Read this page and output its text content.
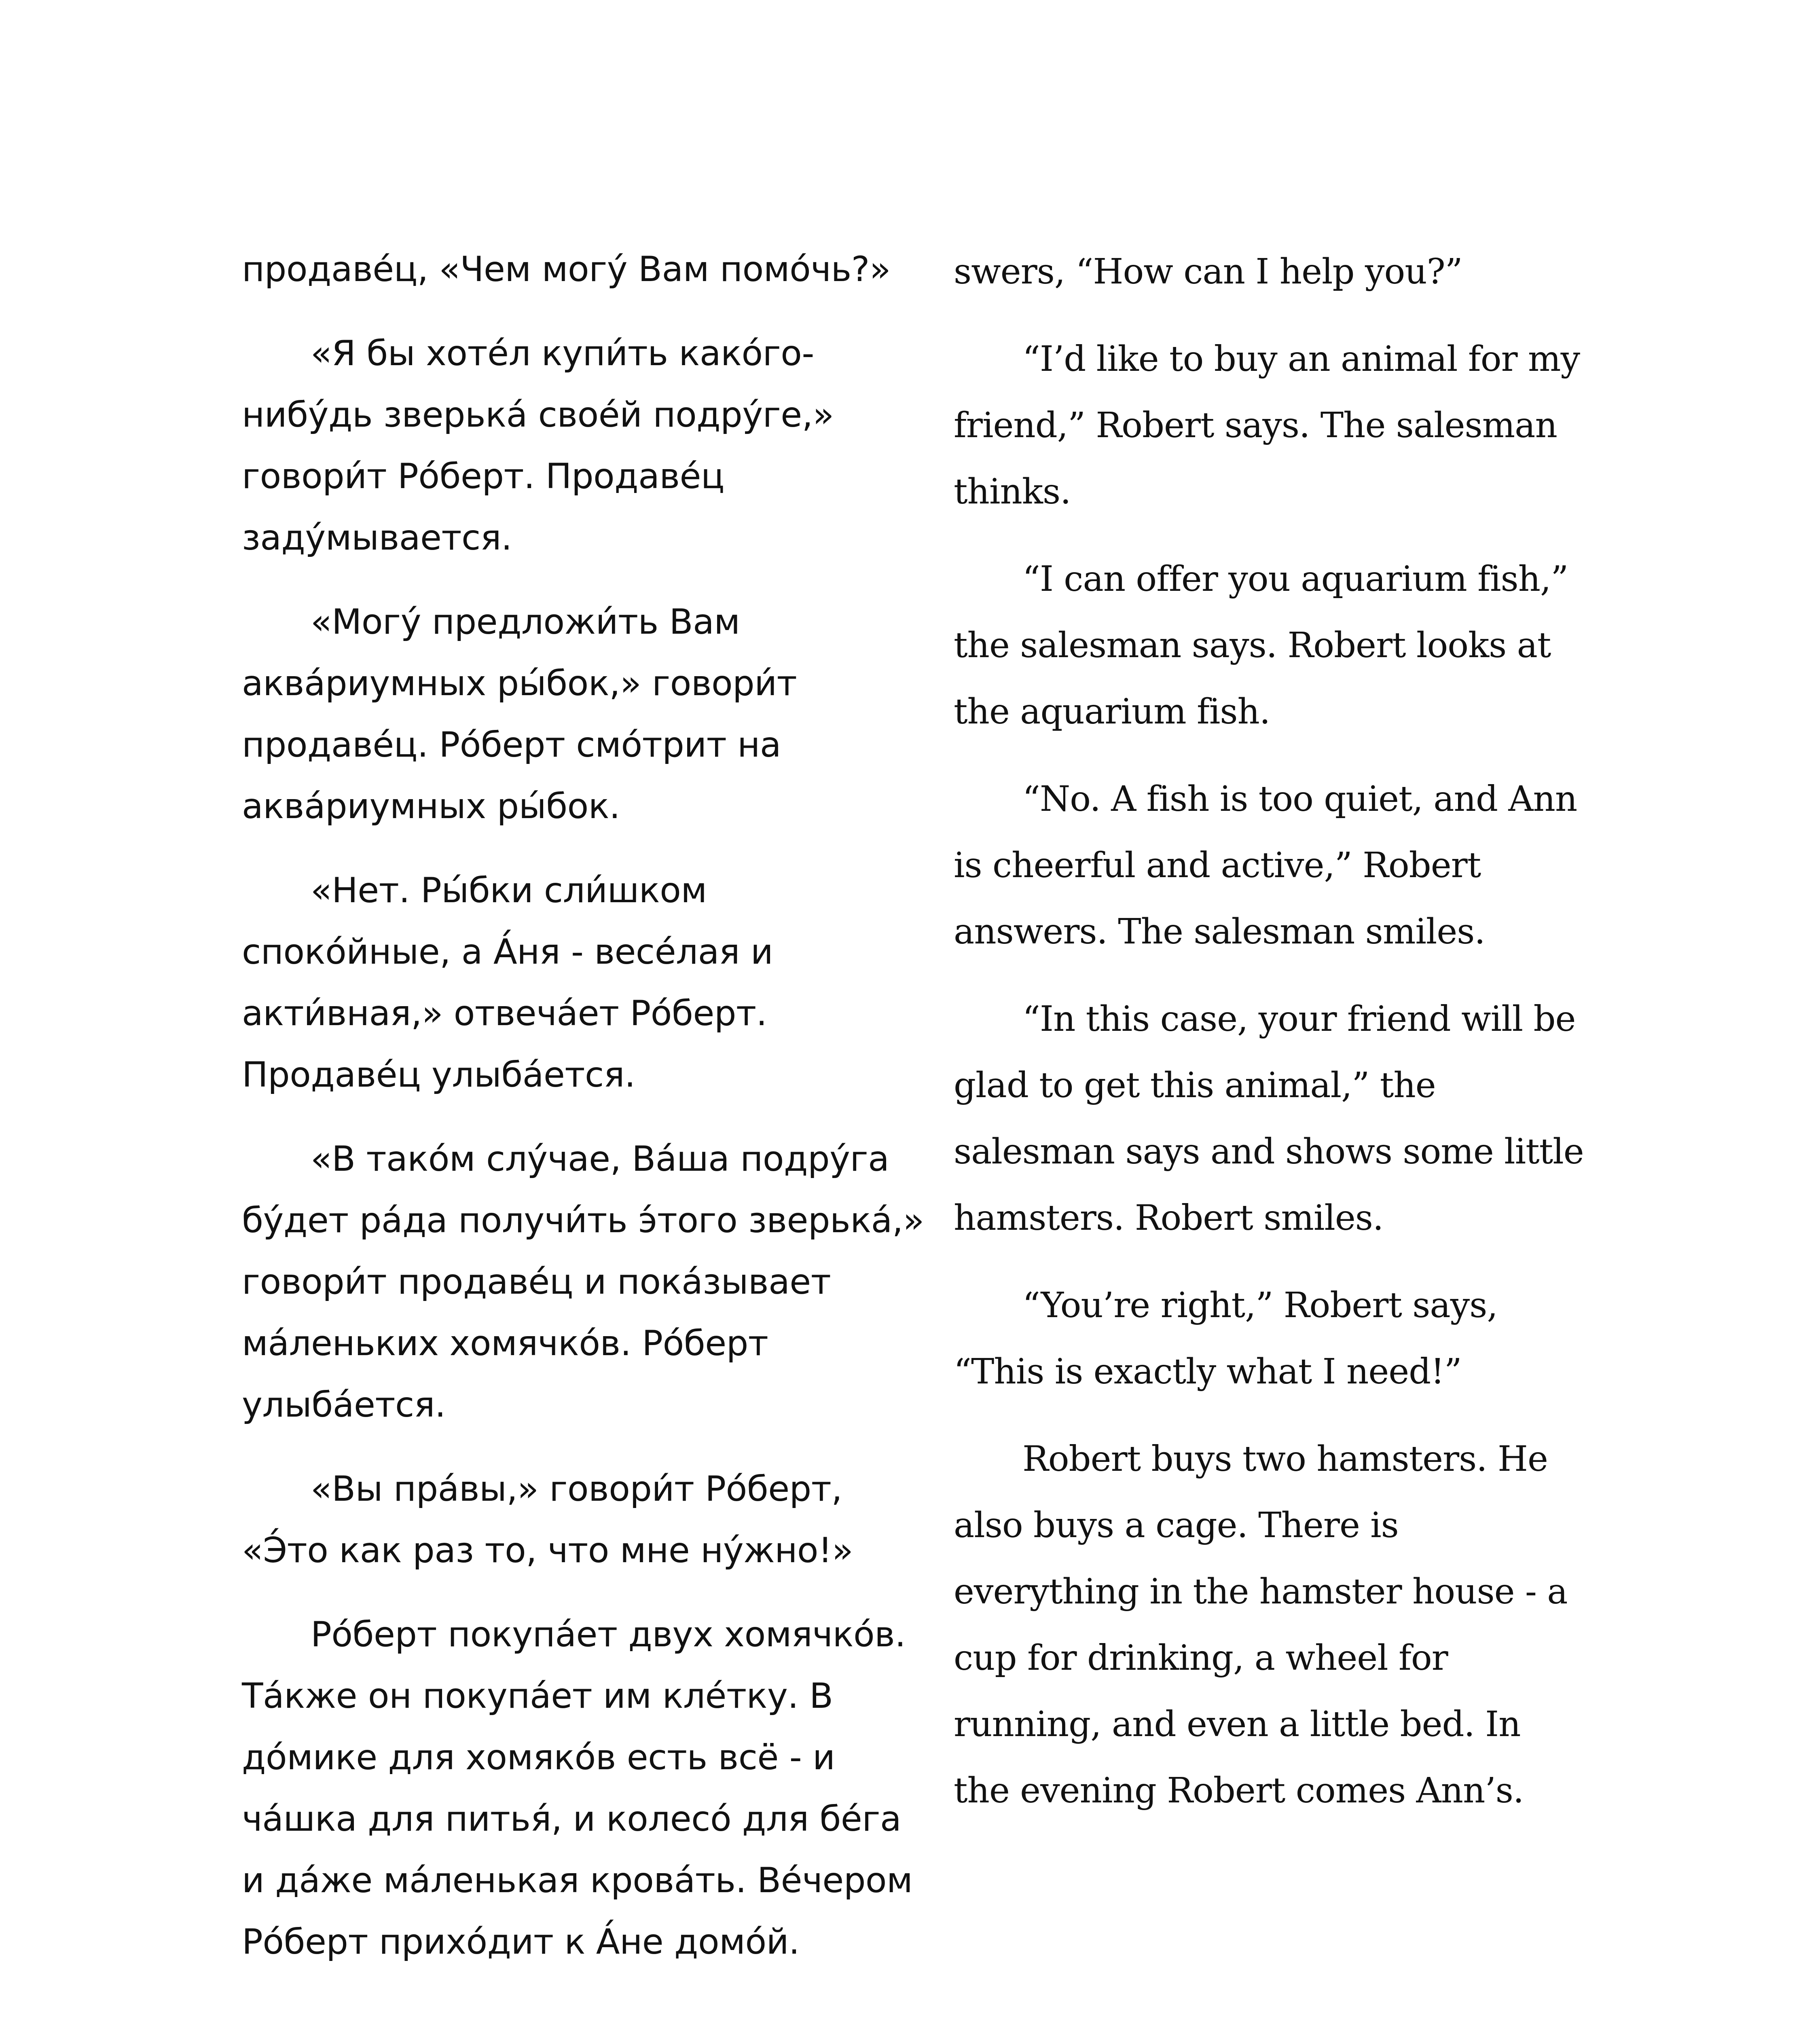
продаве́ц, «Чем могу́ Вам помо́чь?»

«Я бы хоте́л купи́ть како́го-нибу́дь зверька́ свое́й подру́ге,» говори́т Ро́берт. Продаве́ц заду́мывается.

«Могу́ предложи́ть Вам аква́риумных ры́бок,» говори́т продаве́ц. Ро́берт смо́трит на аква́риумных ры́бок.

«Нет. Ры́бки сли́шком споко́йные, а А́ня - весе́лая и акти́вная,» отвеча́ет Ро́берт. Продаве́ц улыба́ется.

«В тако́м слу́чае, Ва́ша подру́га бу́дет ра́да получи́ть э́того зверька́,» говори́т продаве́ц и пока́зывает ма́леньких хомячко́в. Ро́берт улыба́ется.

«Вы пра́вы,» говори́т Ро́берт, «Э́то как раз то, что мне ну́жно!»

Ро́берт покупа́ет двух хомячко́в. Та́кже он покупа́ет им кле́тку. В до́мике для хомяко́в есть всё - и ча́шка для питья́, и колесо́ для бе́га и да́же ма́ленькая крова́ть. Ве́чером Ро́берт прихо́дит к А́не домо́й.

swers, “How can I help you?”

“I’d like to buy an animal for my friend,” Robert says. The salesman thinks.

“I can offer you aquarium fish,” the salesman says. Robert looks at the aquarium fish.

“No. A fish is too quiet, and Ann is cheerful and active,” Robert answers. The salesman smiles.

“In this case, your friend will be glad to get this animal,” the salesman says and shows some little hamsters. Robert smiles.

“You’re right,” Robert says, “This is exactly what I need!”

Robert buys two hamsters. He also buys a cage. There is everything in the hamster house - a cup for drinking, a wheel for running, and even a little bed. In the evening Robert comes Ann’s.
